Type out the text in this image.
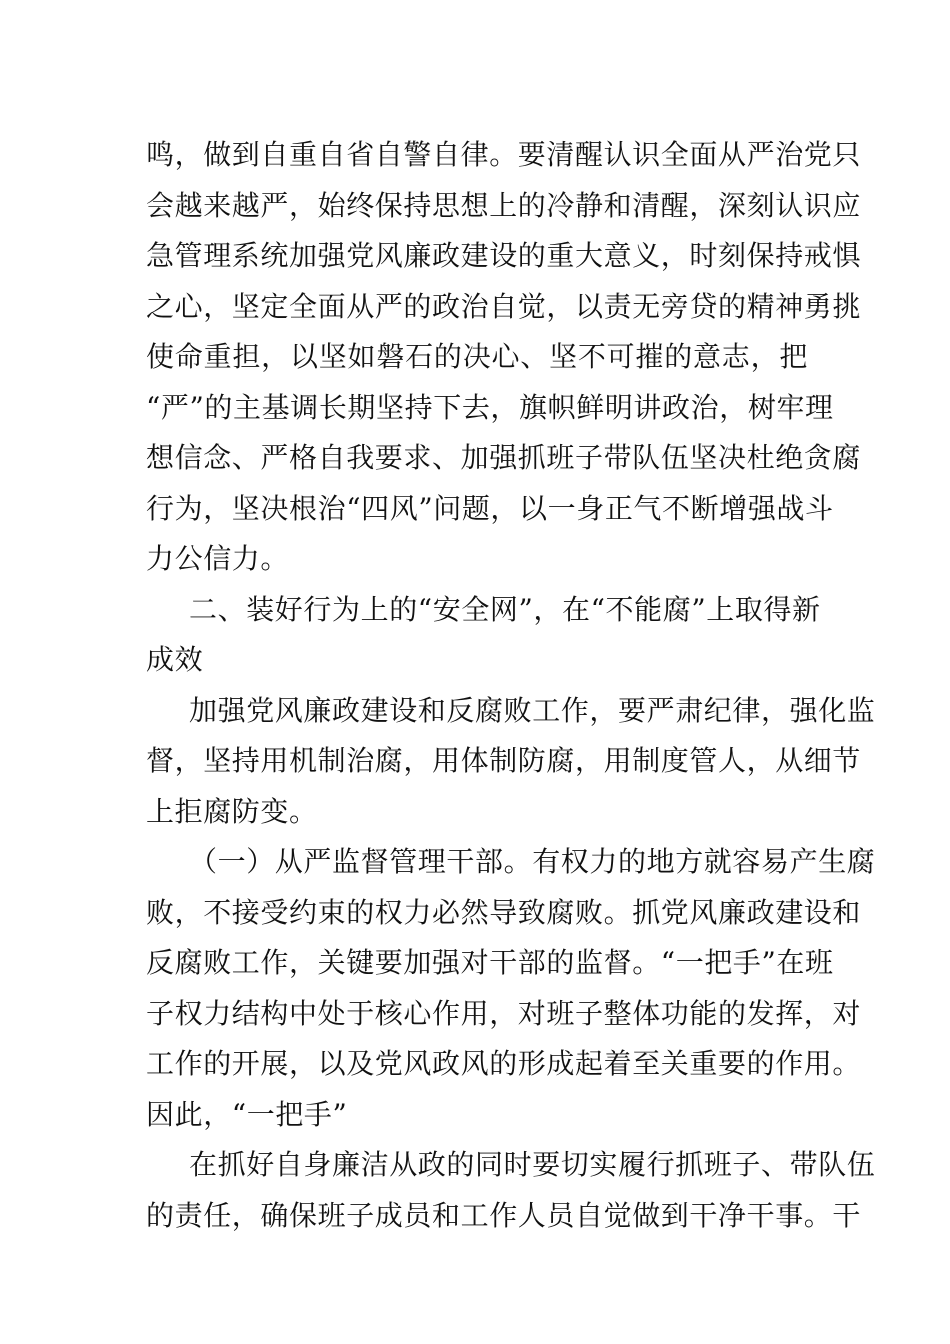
鸣，做到自重自省自警自律。要清醒认识全面从严治党只
会越来越严，始终保持思想上的冷静和清醒，深刻认识应
急管理系统加强党风廉政建设的重大意义，时刻保持戒惧
之心，坚定全面从严的政治自觉，以责无旁贷的精神勇挑
使命重担，以坚如磐石的决心、坚不可摧的意志，把
“严”的主基调长期坚持下去，旗帜鲜明讲政治，树牢理
想信念、严格自我要求、加强抓班子带队伍坚决杜绝贪腐
行为，坚决根治“四风”问题，以一身正气不断增强战斗
力公信力。
二、装好行为上的“安全网”，在“不能腐”上取得新
成效
加强党风廉政建设和反腐败工作，要严肃纪律，强化监
督，坚持用机制治腐，用体制防腐，用制度管人，从细节
上拒腐防变。
（一）从严监督管理干部。有权力的地方就容易产生腐
败，不接受约束的权力必然导致腐败。抓党风廉政建设和
反腐败工作，关键要加强对干部的监督。“一把手”在班
子权力结构中处于核心作用，对班子整体功能的发挥，对
工作的开展，以及党风政风的形成起着至关重要的作用。
因此，“一把手”
在抓好自身廉洁从政的同时要切实履行抓班子、带队伍
的责任，确保班子成员和工作人员自觉做到干净干事。干
